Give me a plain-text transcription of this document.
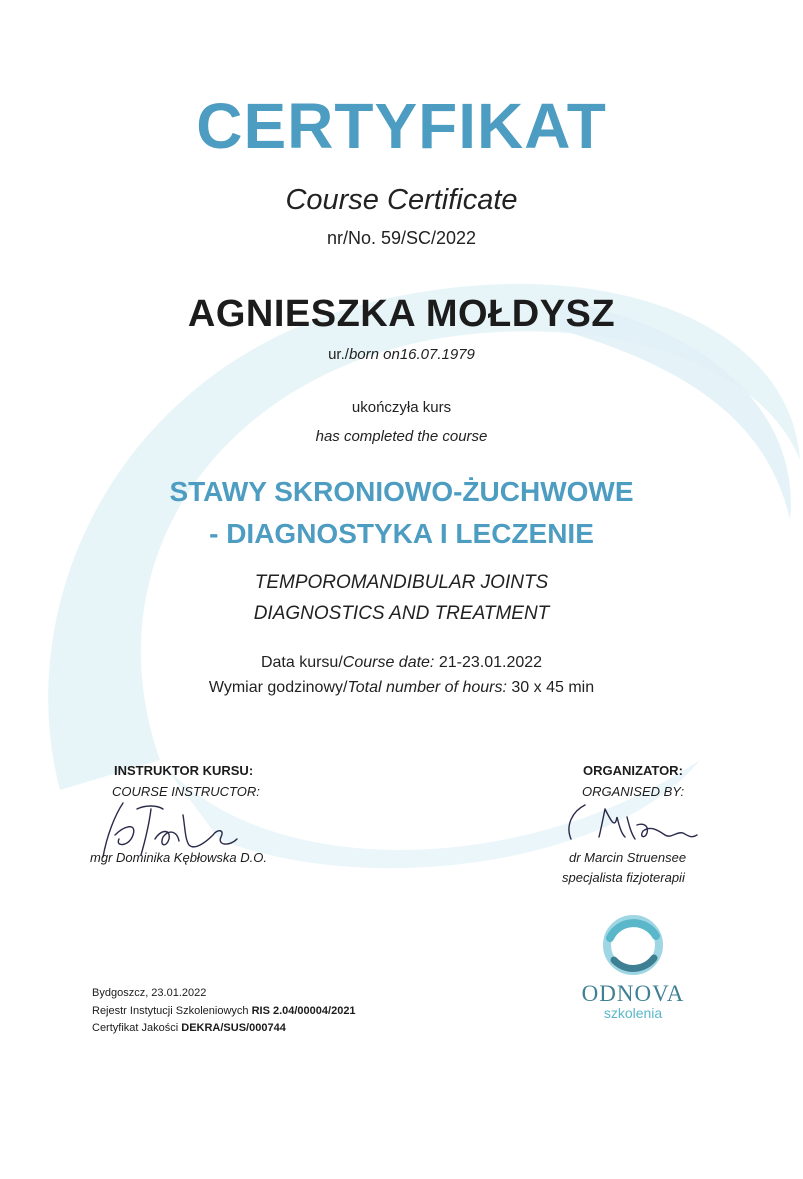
CERTYFIKAT
Course Certificate
nr/No. 59/SC/2022
AGNIESZKA MOŁDYSZ
ur./born on16.07.1979
ukończyła kurs
has completed the course
STAWY SKRONIOWO-ŻUCHWOWE
- DIAGNOSTYKA I LECZENIE
TEMPOROMANDIBULAR JOINTS
DIAGNOSTICS AND TREATMENT
Data kursu/Course date: 21-23.01.2022
Wymiar godzinowy/Total number of hours: 30 x 45 min
INSTRUKTOR KURSU:
COURSE INSTRUCTOR:
mgr Dominika Kębłowska D.O.
ORGANIZATOR:
ORGANISED BY:
dr Marcin Struensee
specjalista fizjoterapii
ODNOVA
szkolenia
Bydgoszcz, 23.01.2022
Rejestr Instytucji Szkoleniowych RIS 2.04/00004/2021
Certyfikat Jakości DEKRA/SUS/000744
